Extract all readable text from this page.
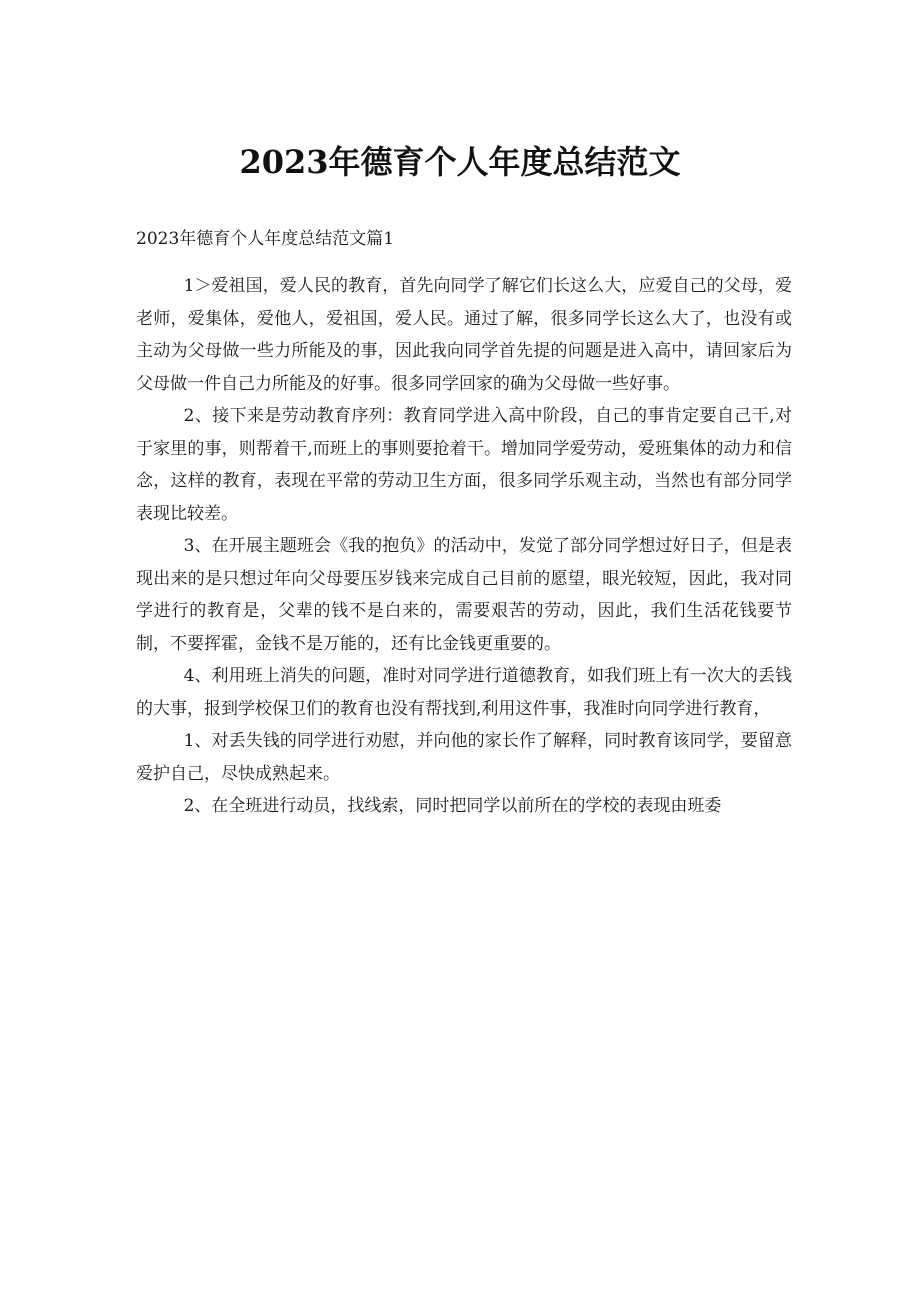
2023年德育个人年度总结范文

2023年德育个人年度总结范文篇1

1＞爱祖国，爱人民的教育，首先向同学了解它们长这么大，应爱自己的父母，爱老师，爱集体，爱他人，爱祖国，爱人民。通过了解，很多同学长这么大了，也没有或主动为父母做一些力所能及的事，因此我向同学首先提的问题是进入高中，请回家后为父母做一件自己力所能及的好事。很多同学回家的确为父母做一些好事。

2、接下来是劳动教育序列：教育同学进入高中阶段，自己的事肯定要自己干,对于家里的事，则帮着干,而班上的事则要抢着干。增加同学爱劳动，爱班集体的动力和信念，这样的教育，表现在平常的劳动卫生方面，很多同学乐观主动，当然也有部分同学表现比较差。

3、在开展主题班会《我的抱负》的活动中，发觉了部分同学想过好日子，但是表现出来的是只想过年向父母要压岁钱来完成自己目前的愿望，眼光较短，因此，我对同学进行的教育是，父辈的钱不是白来的，需要艰苦的劳动，因此，我们生活花钱要节制，不要挥霍，金钱不是万能的，还有比金钱更重要的。

4、利用班上消失的问题，准时对同学进行道德教育，如我们班上有一次大的丢钱的大事，报到学校保卫们的教育也没有帮找到,利用这件事，我准时向同学进行教育，

1、对丢失钱的同学进行劝慰，并向他的家长作了解释，同时教育该同学，要留意爱护自己，尽快成熟起来。

2、在全班进行动员，找线索，同时把同学以前所在的学校的表现由班委
